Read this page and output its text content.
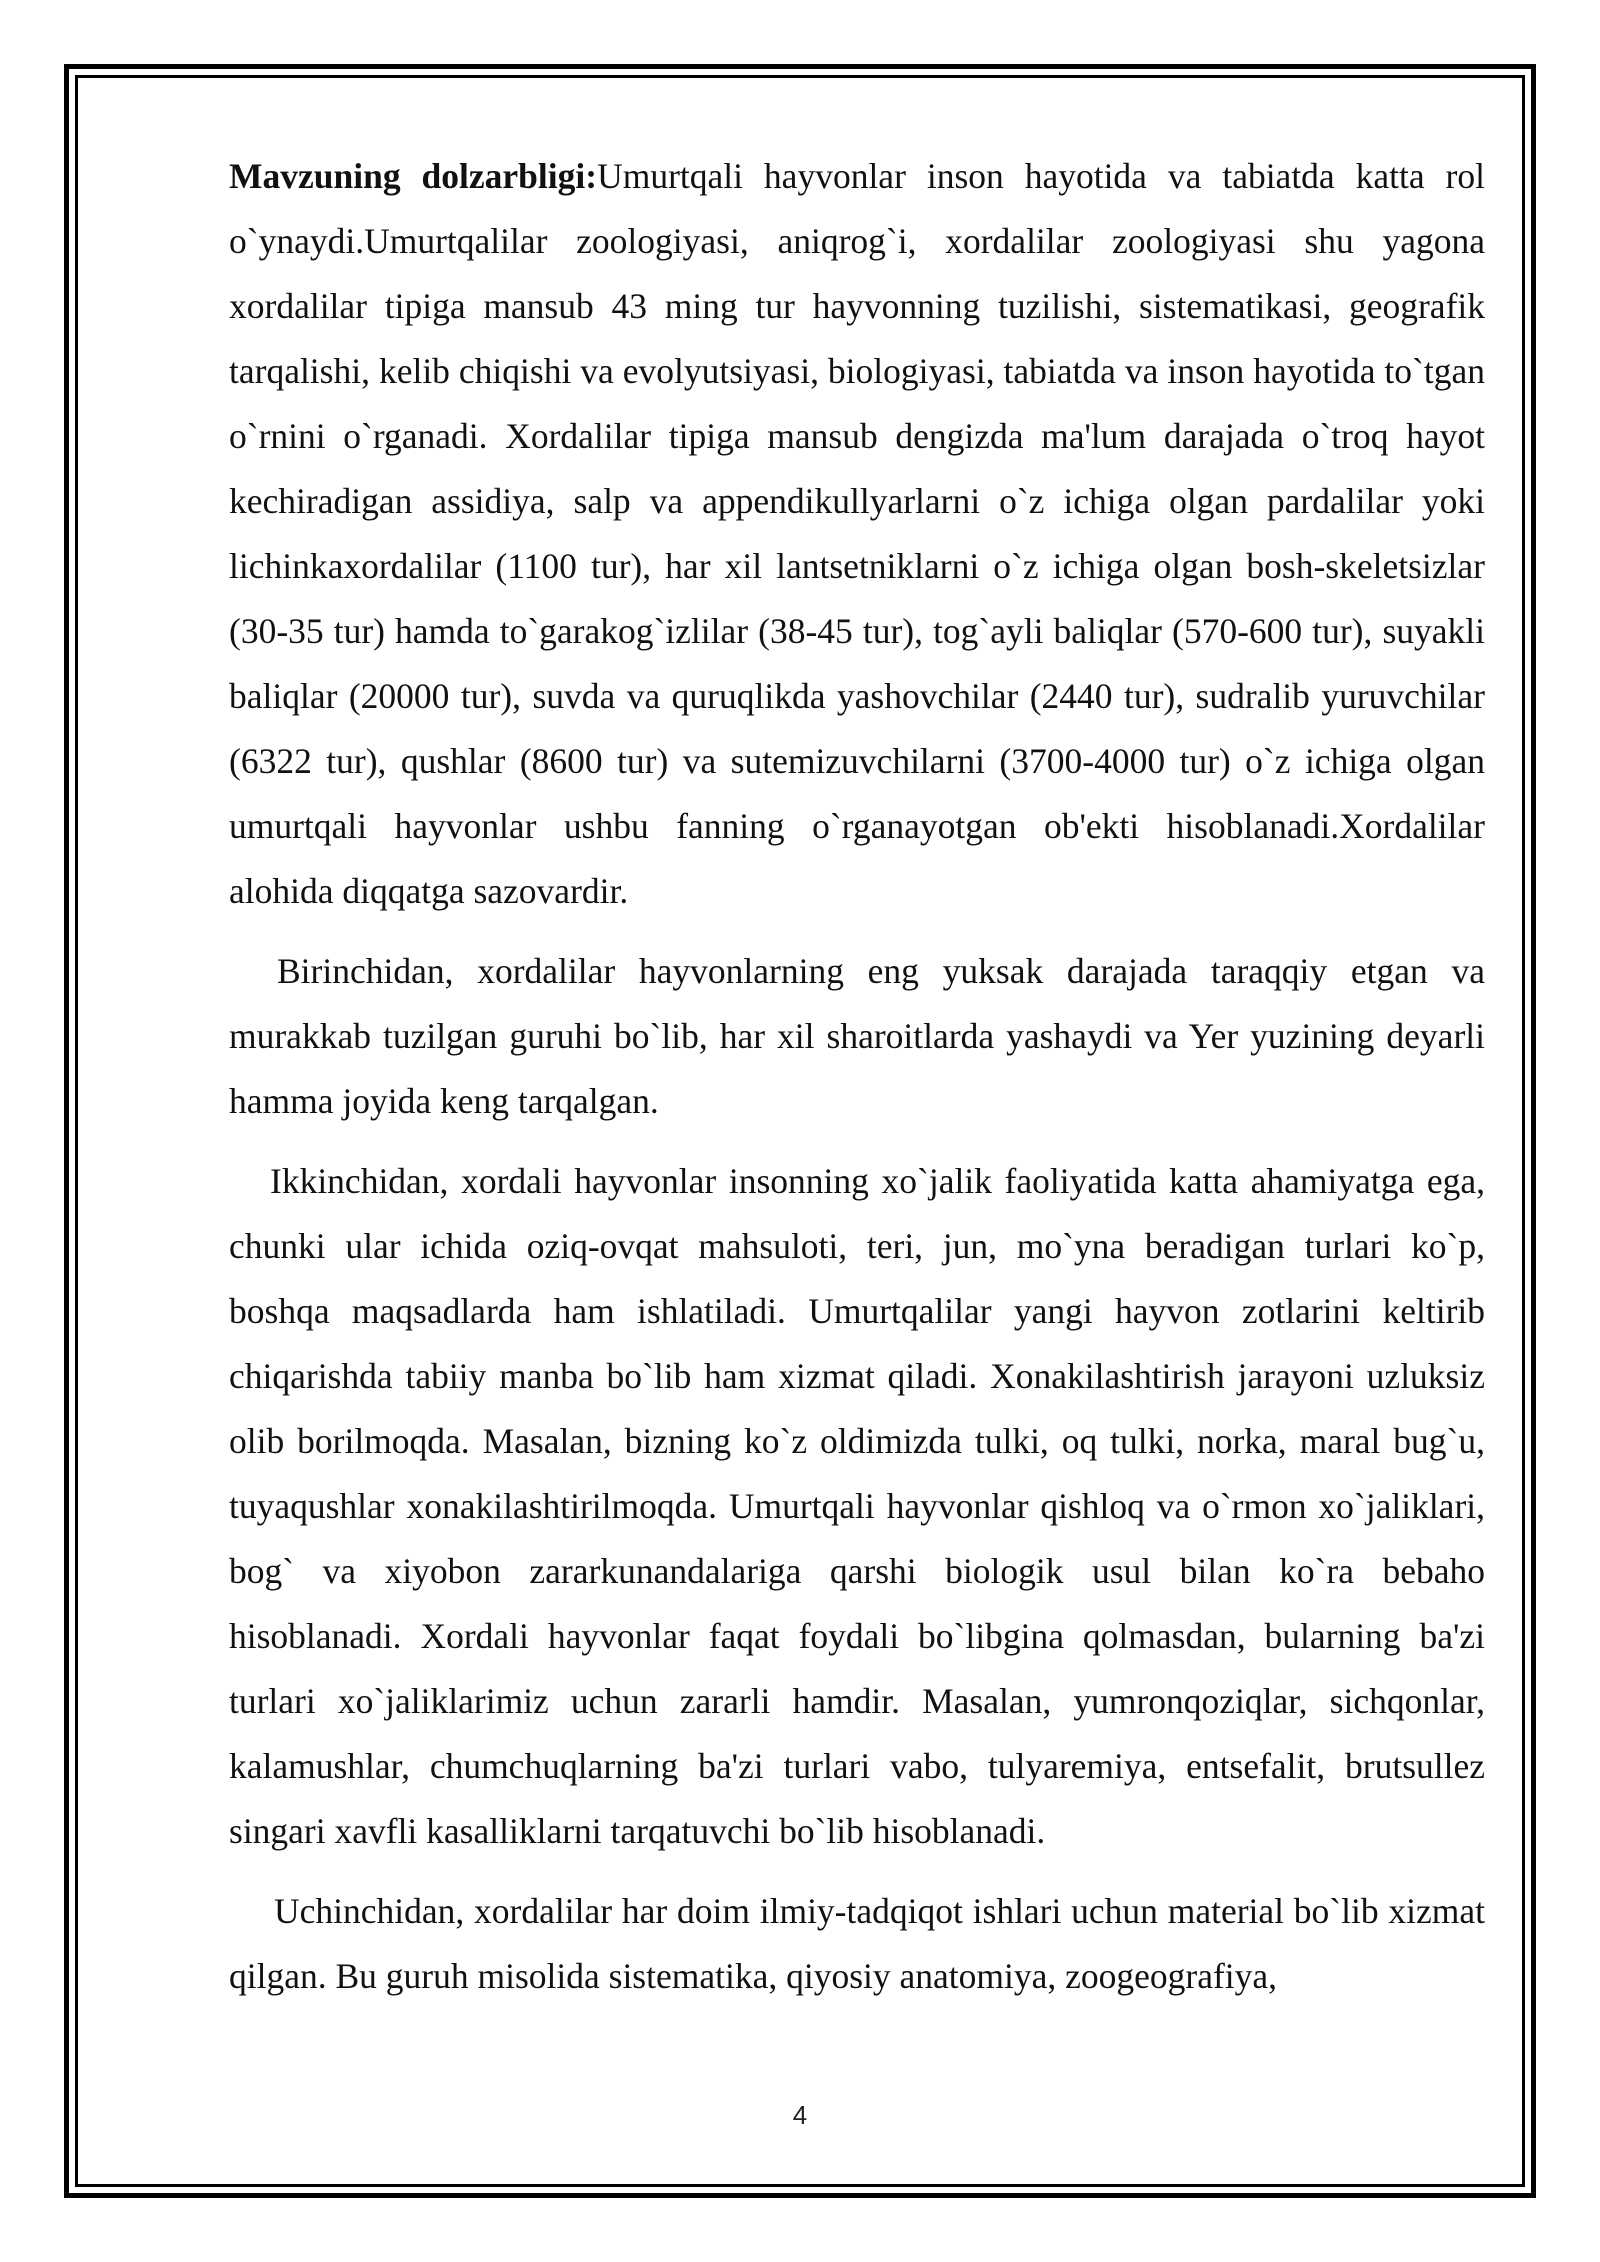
Mavzuning dolzarbligi:Umurtqali hayvonlar inson hayotida va tabiatda katta rol o`ynaydi.Umurtqalilar zoologiyasi, aniqrog`i, xordalilar zoologiyasi shu yagona xordalilar tipiga mansub 43 ming tur hayvonning tuzilishi, sistematikasi, geografik tarqalishi, kelib chiqishi va evolyutsiyasi, biologiyasi, tabiatda va inson hayotida to`tgan o`rnini o`rganadi. Xordalilar tipiga mansub dengizda ma'lum darajada o`troq hayot kechiradigan assidiya, salp va appendikullyarlarni o`z ichiga olgan pardalilar yoki lichinkaxordalilar (1100 tur), har xil lantsetniklarni o`z ichiga olgan bosh-skeletsizlar (30-35 tur) hamda to`garakog`izlilar (38-45 tur), tog`ayli baliqlar (570-600 tur), suyakli baliqlar (20000 tur), suvda va quruqlikda yashovchilar (2440 tur), sudralib yuruvchilar (6322 tur), qushlar (8600 tur) va sutemizuvchilarni (3700-4000 tur) o`z ichiga olgan umurtqali hayvonlar ushbu fanning o`rganayotgan ob'ekti hisoblanadi.Xordalilar alohida diqqatga sazovardir.

Birinchidan, xordalilar hayvonlarning eng yuksak darajada taraqqiy etgan va murakkab tuzilgan guruhi bo`lib, har xil sharoitlarda yashaydi va Yer yuzining deyarli hamma joyida keng tarqalgan.

Ikkinchidan, xordali hayvonlar insonning xo`jalik faoliyatida katta ahamiyatga ega, chunki ular ichida oziq-ovqat mahsuloti, teri, jun, mo`yna beradigan turlari ko`p, boshqa maqsadlarda ham ishlatiladi. Umurtqalilar yangi hayvon zotlarini keltirib chiqarishda tabiiy manba bo`lib ham xizmat qiladi. Xonakilashtirish jarayoni uzluksiz olib borilmoqda. Masalan, bizning ko`z oldimizda tulki, oq tulki, norka, maral bug`u, tuyaqushlar xonakilashtirilmoqda. Umurtqali hayvonlar qishloq va o`rmon xo`jaliklari, bog` va xiyobon zararkunandalariga qarshi biologik usul bilan ko`ra bebaho hisoblanadi. Xordali hayvonlar faqat foydali bo`libgina qolmasdan, bularning ba'zi turlari xo`jaliklarimiz uchun zararli hamdir. Masalan, yumronqoziqlar, sichqonlar, kalamushlar, chumchuqlarning ba'zi turlari vabo, tulyaremiya, entsefalit, brutsullez singari xavfli kasalliklarni tarqatuvchi bo`lib hisoblanadi.

Uchinchidan, xordalilar har doim ilmiy-tadqiqot ishlari uchun material bo`lib xizmat qilgan. Bu guruh misolida sistematika, qiyosiy anatomiya, zoogeografiya,

4
